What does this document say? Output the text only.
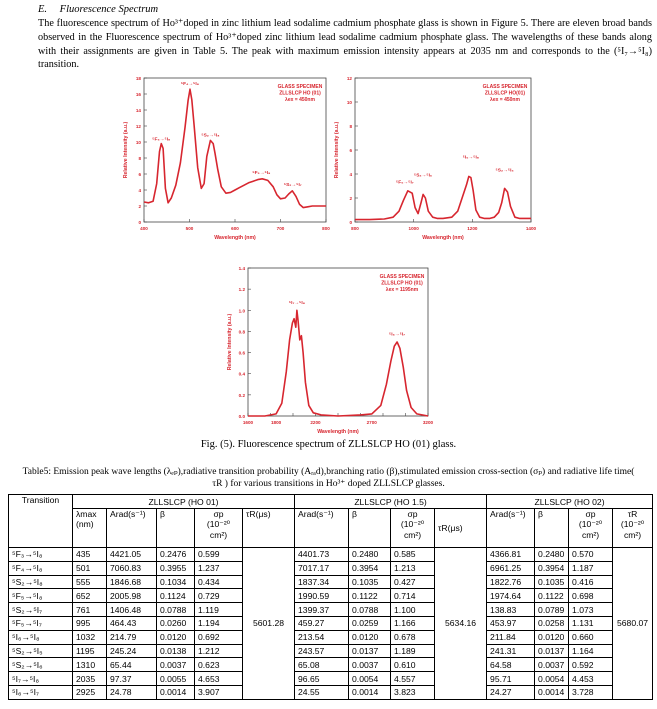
E. Fluorescence Spectrum
The fluorescence spectrum of Ho³⁺doped in zinc lithium lead sodalime cadmium phosphate glass is shown in Figure 5. There are eleven broad bands observed in the Fluorescence spectrum of Ho³⁺doped zinc lithium lead sodalime cadmium phosphate glass. The wavelengths of these bands along with their assignments are given in Table 5. The peak with maximum emission intensity appears at 2035 nm and corresponds to the (⁵I₇→⁵I₈) transition.
0
2
4
6
8
10
12
14
16
18
400	500	600	700	800
Wavelength (nm)
Relative Intensity (a.u.)	⁵F₅→⁵I₈
⁵F₄→⁵I₈
⁵S₂→⁵I₈
⁵F₅→⁵I₈
⁵S₂→⁵I₇
GLASS SPECIMEN
ZLLSLCP HO (01)
λex = 450nm
0
2
4
6
8
10
12
800	1000	1200	1400
Wavelength (nm)
Relative Intensity (a.u.)
⁵F₅→⁵I₇
⁵S₂→⁵I₆
⁵I₅→⁵I₈
⁵S₂→⁵I₅
GLASS SPECIMEN
ZLLSLCP HO(01)
λex = 450nm
0.0
0.2
0.4
0.6
0.8
1.0
1.2
1.4
1600	1800	2200	2700	3200
Wavelength (nm)
Relative Intensity (a.u.)
⁵I₇→⁵I₈
⁵I₆→⁵I₇
GLASS SPECIMEN
ZLLSLCP HO (01)
λex = 1195nm
Fig. (5). Fluorescence spectrum of ZLLSLCP HO (01) glass.
Table5: Emission peak wave lengths (λₑₚ),radiative transition probability (Aᵣₐd),branching ratio (β),stimulated emission cross-section (σₚ) and radiative life time( τR ) for various transitions in Ho³⁺ doped ZLLSLCP glasses.
Transition	ZLLSLCP (HO 01)					ZLLSLCP (HO 1.5)				ZLLSLCP (HO 02)			
	λmax
(nm)	Arad(s⁻¹)	β	σp
(10⁻²⁰
cm²)	τR(μs)	Arad(s⁻¹)	β	σp
(10⁻²⁰
cm²)	τR(μs)	Arad(s⁻¹)	β	σp
(10⁻²⁰
cm²)	τR
(10⁻²⁰
cm²)
⁵F₃→⁵I₈	435	4421.05	0.2476	0.599	5601.28	4401.73	0.2480	0.585	5634.16	4366.81	0.2480	0.570	5680.07
⁵F₄→⁵I₈	501	7060.83	0.3955	1.237		7017.17	0.3954	1.213		6961.25	0.3954	1.187	
⁵S₂→⁵I₈	555	1846.68	0.1034	0.434		1837.34	0.1035	0.427		1822.76	0.1035	0.416	
⁵F₅→⁵I₈	652	2005.98	0.1124	0.729		1990.59	0.1122	0.714		1974.64	0.1122	0.698	
⁵S₂→⁵I₇	761	1406.48	0.0788	1.119		1399.37	0.0788	1.100		138.83	0.0789	1.073	
⁵F₅→⁵I₇	995	464.43	0.0260	1.194		459.27	0.0259	1.166		453.97	0.0258	1.131	
⁵I₆→⁵I₈	1032	214.79	0.0120	0.692		213.54	0.0120	0.678		211.84	0.0120	0.660	
⁵S₂→⁵I₅	1195	245.24	0.0138	1.212		243.57	0.0137	1.189		241.31	0.0137	1.164	
⁵S₂→⁵I₆	1310	65.44	0.0037	0.623		65.08	0.0037	0.610		64.58	0.0037	0.592	
⁵I₇→⁵I₈	2035	97.37	0.0055	4.653		96.65	0.0054	4.557		95.71	0.0054	4.453	
⁵I₆→⁵I₇	2925	24.78	0.0014	3.907		24.55	0.0014	3.823		24.27	0.0014	3.728	
